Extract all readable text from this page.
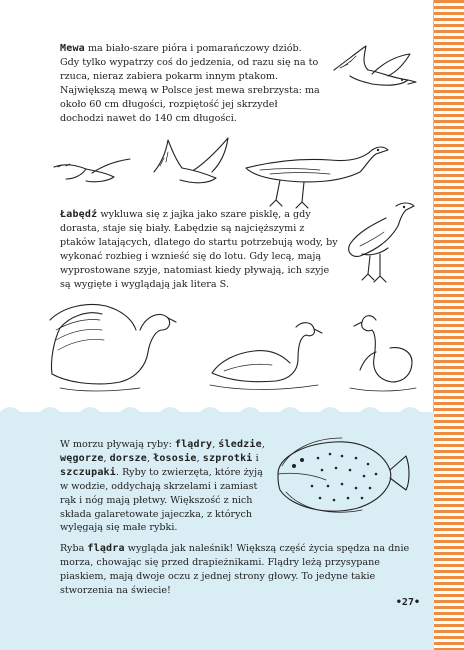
Mewa ma biało-szare pióra i pomarańczowy dziób. Gdy tylko wypatrzy coś do jedzenia, od razu się na to rzuca, nieraz zabiera pokarm innym ptakom. Największą mewą w Polsce jest mewa srebrzysta: ma około 60 cm długości, rozpiętość jej skrzydeł dochodzi nawet do 140 cm długości.
Łabędź wykluwa się z jajka jako szare pisklę, a gdy dorasta, staje się biały. Łabędzie są najcięższymi z ptaków latających, dlatego do startu potrzebują wody, by wykonać rozbieg i wznieść się do lotu. Gdy lecą, mają wyprostowane szyje, natomiast kiedy pływają, ich szyje są wygięte i wyglądają jak litera S.
W morzu pływają ryby: flądry, śledzie, węgorze, dorsze, łososie, szprotki i szczupaki. Ryby to zwierzęta, które żyją w wodzie, oddychają skrzelami i zamiast rąk i nóg mają płetwy. Większość z nich składa galaretowate jajeczka, z których wylęgają się małe rybki.
Ryba flądra wygląda jak naleśnik! Większą część życia spędza na dnie morza, chowając się przed drapieżnikami. Flądry leżą przysypane piaskiem, mają dwoje oczu z jednej strony głowy. To jedyne takie stworzenia na świecie!
•27•
